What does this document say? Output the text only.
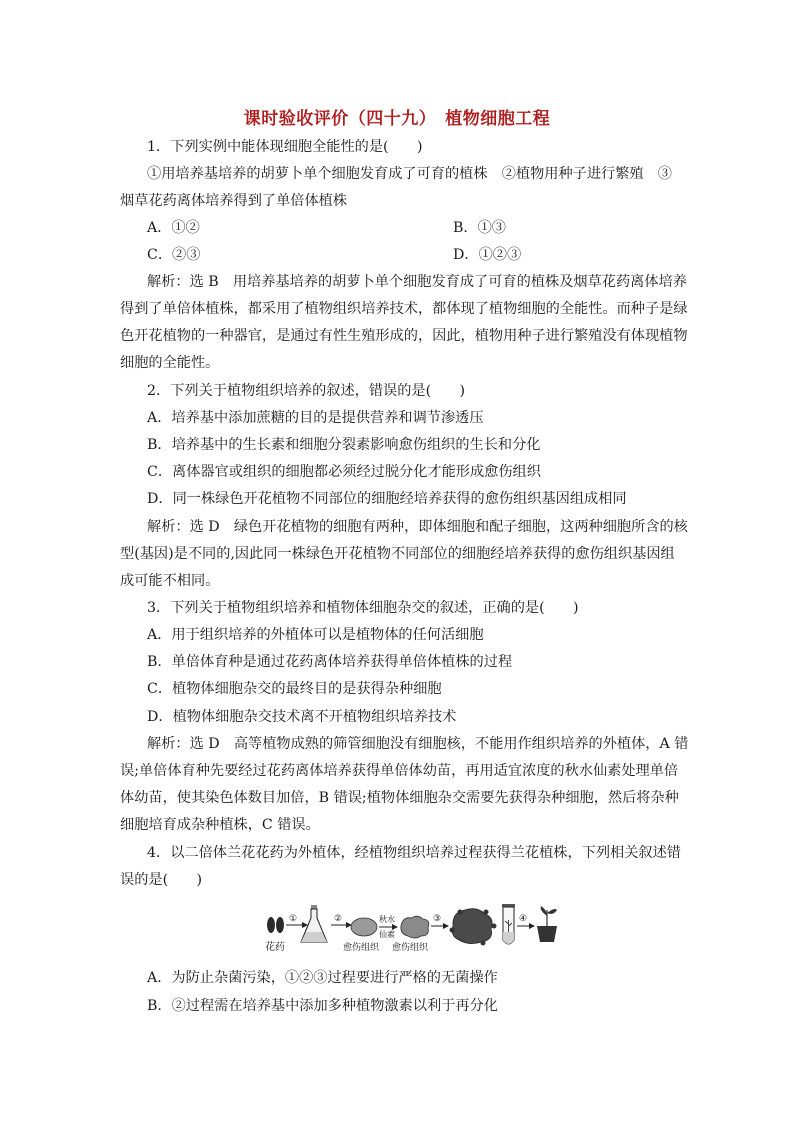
课时验收评价（四十九）　植物细胞工程
1．下列实例中能体现细胞全能性的是(　　)
①用培养基培养的胡萝卜单个细胞发育成了可育的植株　②植物用种子进行繁殖　③
烟草花药离体培养得到了单倍体植株
A．①②	B．①③
C．②③	D．①②③
解析：选 B　用培养基培养的胡萝卜单个细胞发育成了可育的植株及烟草花药离体培养
得到了单倍体植株，都采用了植物组织培养技术，都体现了植物细胞的全能性。而种子是绿
色开花植物的一种器官，是通过有性生殖形成的，因此，植物用种子进行繁殖没有体现植物
细胞的全能性。
2．下列关于植物组织培养的叙述，错误的是(　　)
A．培养基中添加蔗糖的目的是提供营养和调节渗透压
B．培养基中的生长素和细胞分裂素影响愈伤组织的生长和分化
C．离体器官或组织的细胞都必须经过脱分化才能形成愈伤组织
D．同一株绿色开花植物不同部位的细胞经培养获得的愈伤组织基因组成相同
解析：选 D　绿色开花植物的细胞有两种，即体细胞和配子细胞，这两种细胞所含的核
型(基因)是不同的,因此同一株绿色开花植物不同部位的细胞经培养获得的愈伤组织基因组
成可能不相同。
3．下列关于植物组织培养和植物体细胞杂交的叙述，正确的是(　　)
A．用于组织培养的外植体可以是植物体的任何活细胞
B．单倍体育种是通过花药离体培养获得单倍体植株的过程
C．植物体细胞杂交的最终目的是获得杂种细胞
D．植物体细胞杂交技术离不开植物组织培养技术
解析：选 D　高等植物成熟的筛管细胞没有细胞核，不能用作组织培养的外植体，A 错
误;单倍体育种先要经过花药离体培养获得单倍体幼苗，再用适宜浓度的秋水仙素处理单倍
体幼苗，使其染色体数目加倍，B 错误;植物体细胞杂交需要先获得杂种细胞，然后将杂种
细胞培育成杂种植株，C 错误。
4．以二倍体兰花花药为外植体，经植物组织培养过程获得兰花植株，下列相关叙述错
误的是(　　)
花药
①	②
愈伤组织
秋水
仙素
愈伤组织
③	④
A．为防止杂菌污染，①②③过程要进行严格的无菌操作
B．②过程需在培养基中添加多种植物激素以利于再分化
